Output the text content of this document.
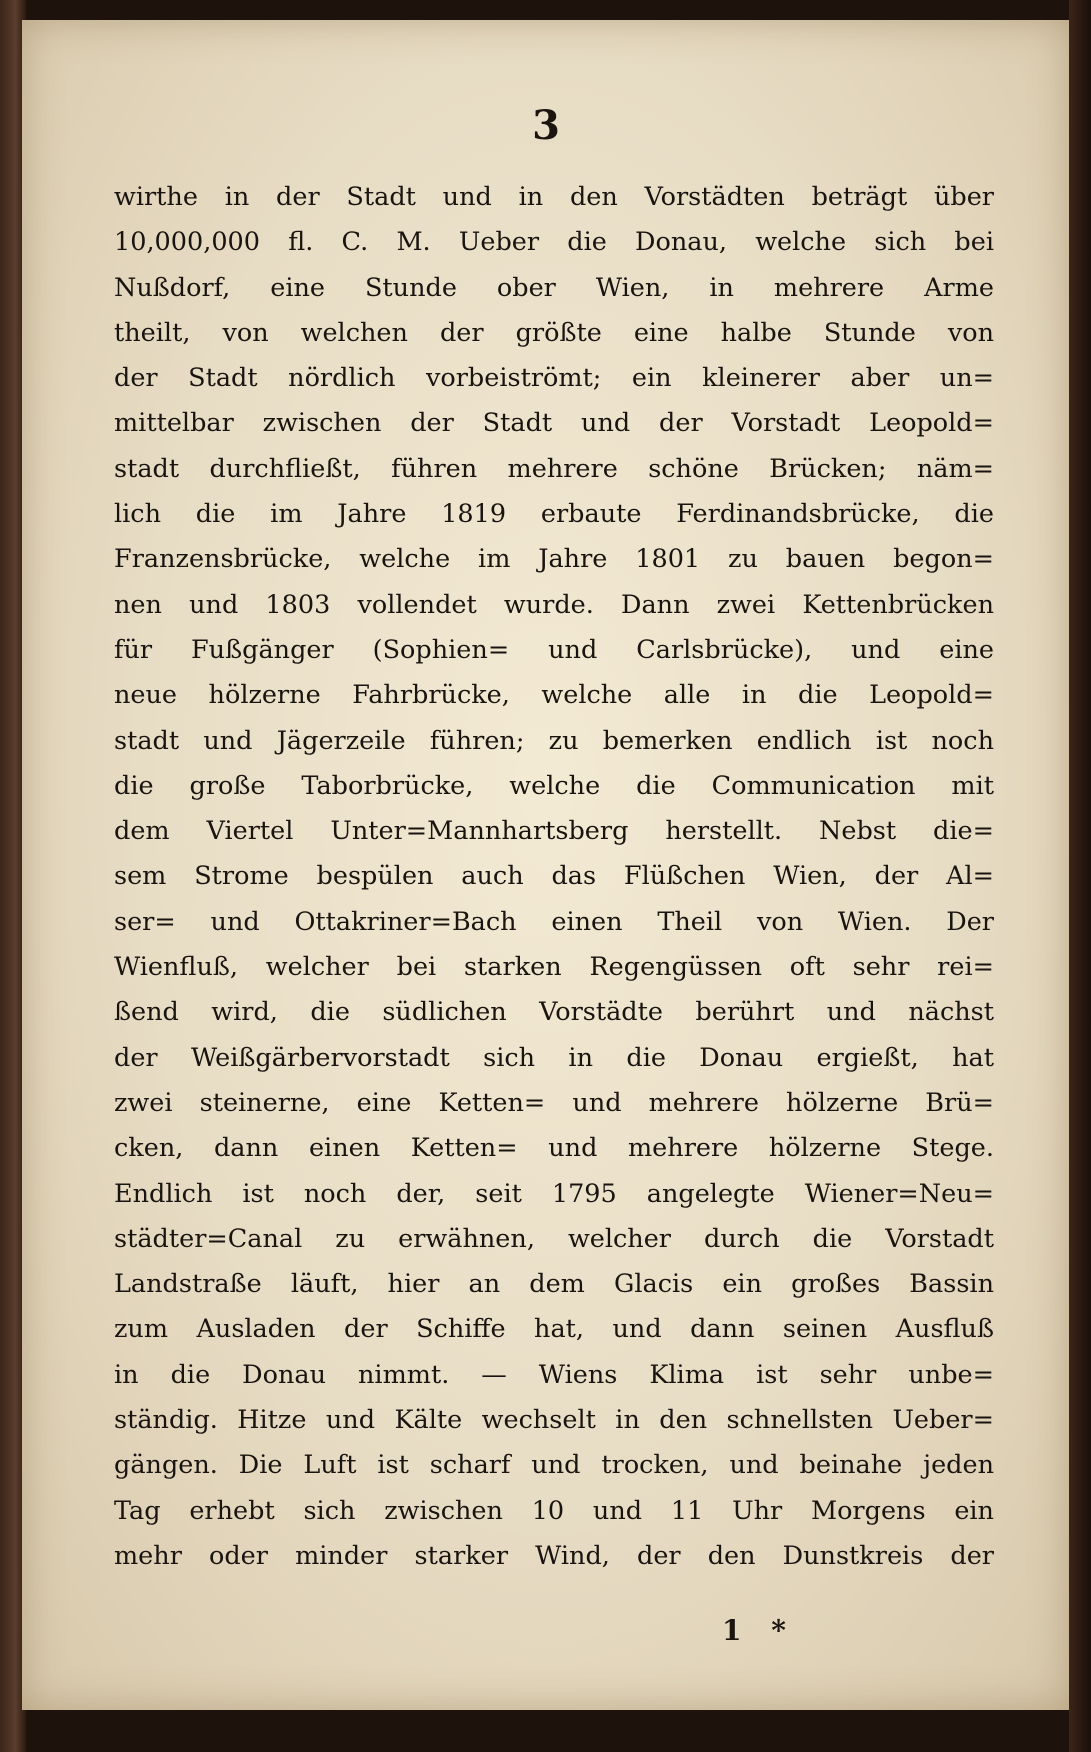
3
wirthe in der Stadt und in den Vorstädten beträgt über
10,000,000 fl. C. M. Ueber die Donau, welche sich bei
Nußdorf, eine Stunde ober Wien, in mehrere Arme
theilt, von welchen der größte eine halbe Stunde von
der Stadt nördlich vorbeiströmt; ein kleinerer aber un=
mittelbar zwischen der Stadt und der Vorstadt Leopold=
stadt durchfließt, führen mehrere schöne Brücken; näm=
lich die im Jahre 1819 erbaute Ferdinandsbrücke, die
Franzensbrücke, welche im Jahre 1801 zu bauen begon=
nen und 1803 vollendet wurde. Dann zwei Kettenbrücken
für Fußgänger (Sophien= und Carlsbrücke), und eine
neue hölzerne Fahrbrücke, welche alle in die Leopold=
stadt und Jägerzeile führen; zu bemerken endlich ist noch
die große Taborbrücke, welche die Communication mit
dem Viertel Unter=Mannhartsberg herstellt. Nebst die=
sem Strome bespülen auch das Flüßchen Wien, der Al=
ser= und Ottakriner=Bach einen Theil von Wien. Der
Wienfluß, welcher bei starken Regengüssen oft sehr rei=
ßend wird, die südlichen Vorstädte berührt und nächst
der Weißgärbervorstadt sich in die Donau ergießt, hat
zwei steinerne, eine Ketten= und mehrere hölzerne Brü=
cken, dann einen Ketten= und mehrere hölzerne Stege.
Endlich ist noch der, seit 1795 angelegte Wiener=Neu=
städter=Canal zu erwähnen, welcher durch die Vorstadt
Landstraße läuft, hier an dem Glacis ein großes Bassin
zum Ausladen der Schiffe hat, und dann seinen Ausfluß
in die Donau nimmt. — Wiens Klima ist sehr unbe=
ständig. Hitze und Kälte wechselt in den schnellsten Ueber=
gängen. Die Luft ist scharf und trocken, und beinahe jeden
Tag erhebt sich zwischen 10 und 11 Uhr Morgens ein
mehr oder minder starker Wind, der den Dunstkreis der
1 *
